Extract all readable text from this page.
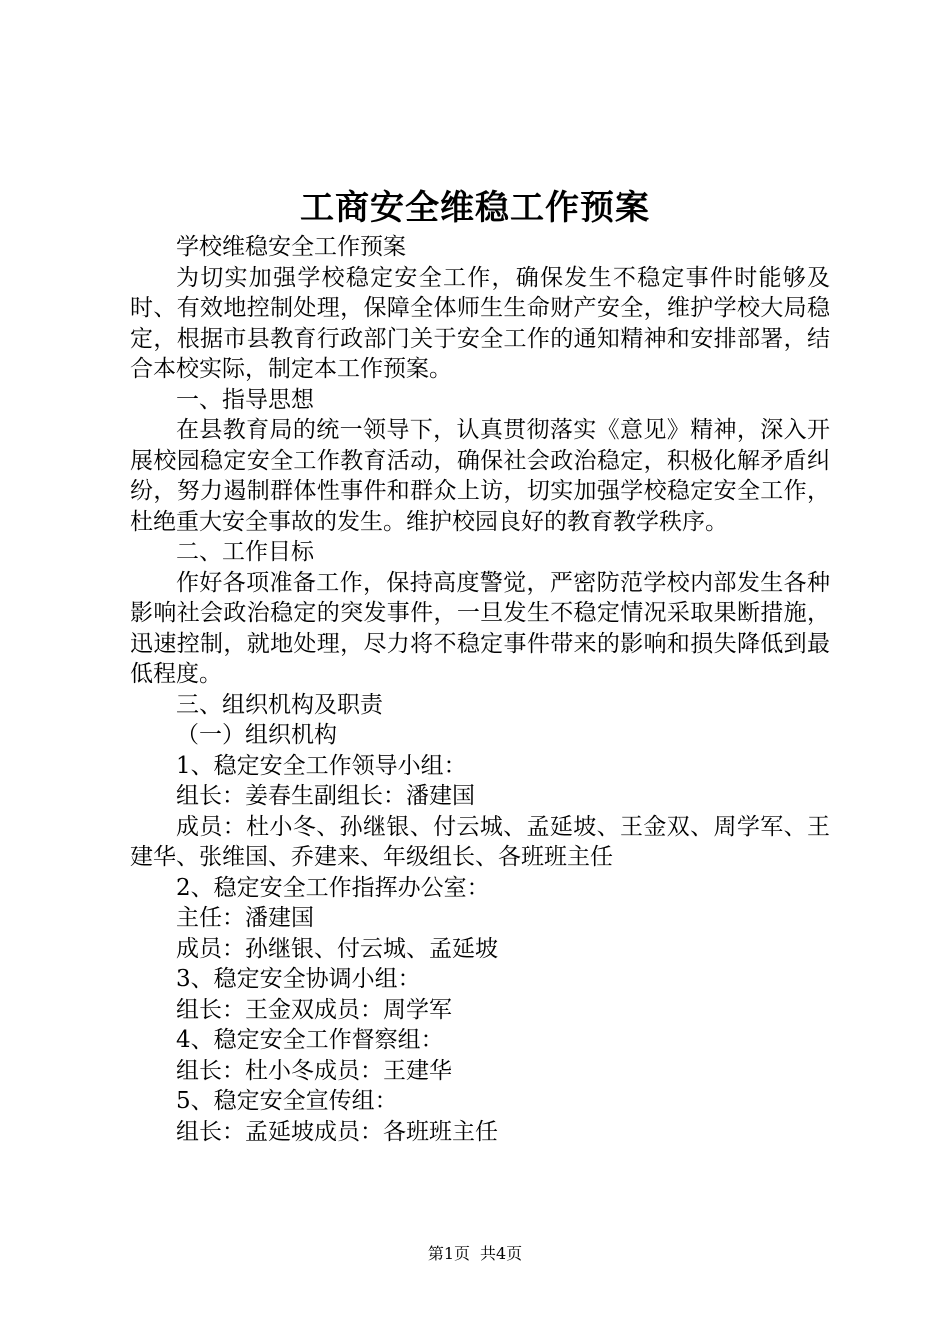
工商安全维稳工作预案

学校维稳安全工作预案

为切实加强学校稳定安全工作，确保发生不稳定事件时能够及时、有效地控制处理，保障全体师生生命财产安全，维护学校大局稳定，根据市县教育行政部门关于安全工作的通知精神和安排部署，结合本校实际，制定本工作预案。

一、指导思想

在县教育局的统一领导下，认真贯彻落实《意见》精神，深入开展校园稳定安全工作教育活动，确保社会政治稳定，积极化解矛盾纠纷，努力遏制群体性事件和群众上访，切实加强学校稳定安全工作，杜绝重大安全事故的发生。维护校园良好的教育教学秩序。

二、工作目标

作好各项准备工作，保持高度警觉，严密防范学校内部发生各种影响社会政治稳定的突发事件，一旦发生不稳定情况采取果断措施，迅速控制，就地处理，尽力将不稳定事件带来的影响和损失降低到最低程度。

三、组织机构及职责

（一）组织机构

1、稳定安全工作领导小组：

组长：姜春生副组长：潘建国

成员：杜小冬、孙继银、付云城、孟延坡、王金双、周学军、王建华、张维国、乔建来、年级组长、各班班主任

2、稳定安全工作指挥办公室：

主任：潘建国

成员：孙继银、付云城、孟延坡

3、稳定安全协调小组：

组长：王金双成员：周学军

4、稳定安全工作督察组：

组长：杜小冬成员：王建华

5、稳定安全宣传组：

组长：孟延坡成员：各班班主任

第1页 共4页
